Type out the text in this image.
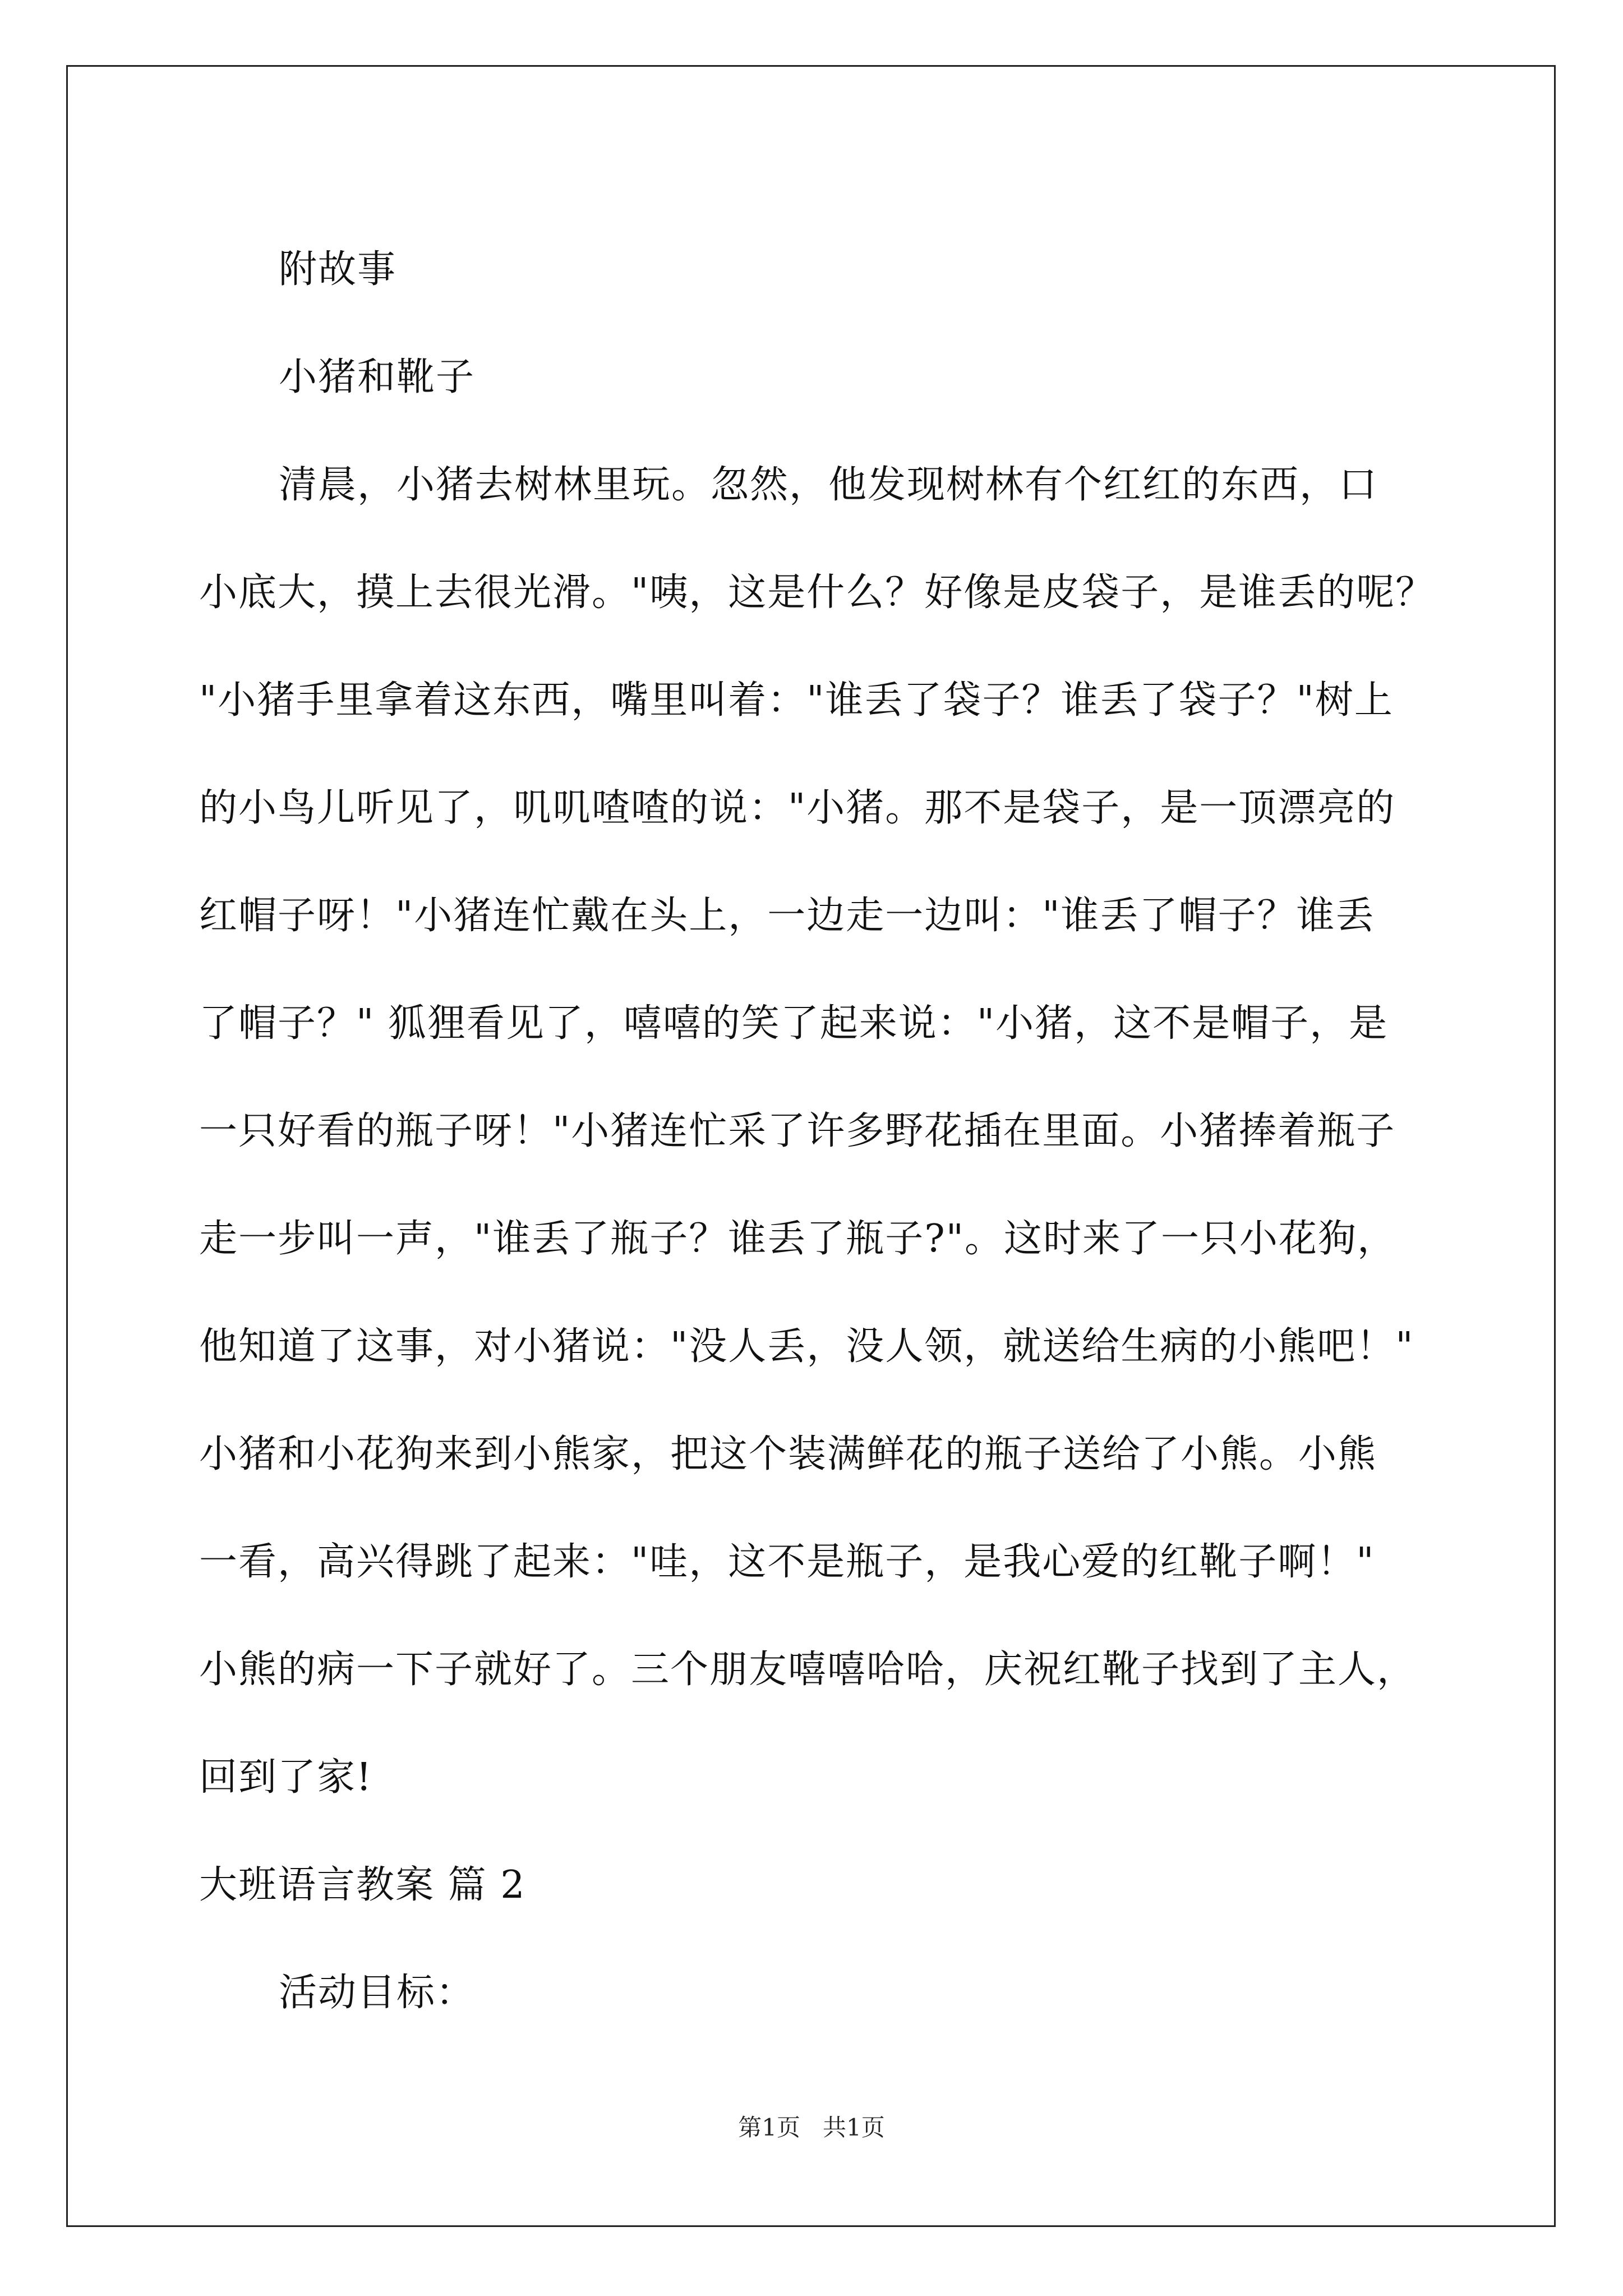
附故事
小猪和靴子
清晨，小猪去树林里玩。忽然，他发现树林有个红红的东西，口
小底大，摸上去很光滑。"咦，这是什么？好像是皮袋子，是谁丢的呢？
"小猪手里拿着这东西，嘴里叫着："谁丢了袋子？谁丢了袋子？"树上
的小鸟儿听见了，叽叽喳喳的说："小猪。那不是袋子，是一顶漂亮的
红帽子呀！"小猪连忙戴在头上，一边走一边叫："谁丢了帽子？谁丢
了帽子？" 狐狸看见了，嘻嘻的笑了起来说："小猪，这不是帽子，是
一只好看的瓶子呀！"小猪连忙采了许多野花插在里面。小猪捧着瓶子
走一步叫一声，"谁丢了瓶子？谁丢了瓶子?"。这时来了一只小花狗，
他知道了这事，对小猪说："没人丢，没人领，就送给生病的小熊吧！"
小猪和小花狗来到小熊家，把这个装满鲜花的瓶子送给了小熊。小熊
一看，高兴得跳了起来："哇，这不是瓶子，是我心爱的红靴子啊！"
小熊的病一下子就好了。三个朋友嘻嘻哈哈，庆祝红靴子找到了主人，
回到了家!
大班语言教案 篇 2
活动目标：
第1页 共1页
